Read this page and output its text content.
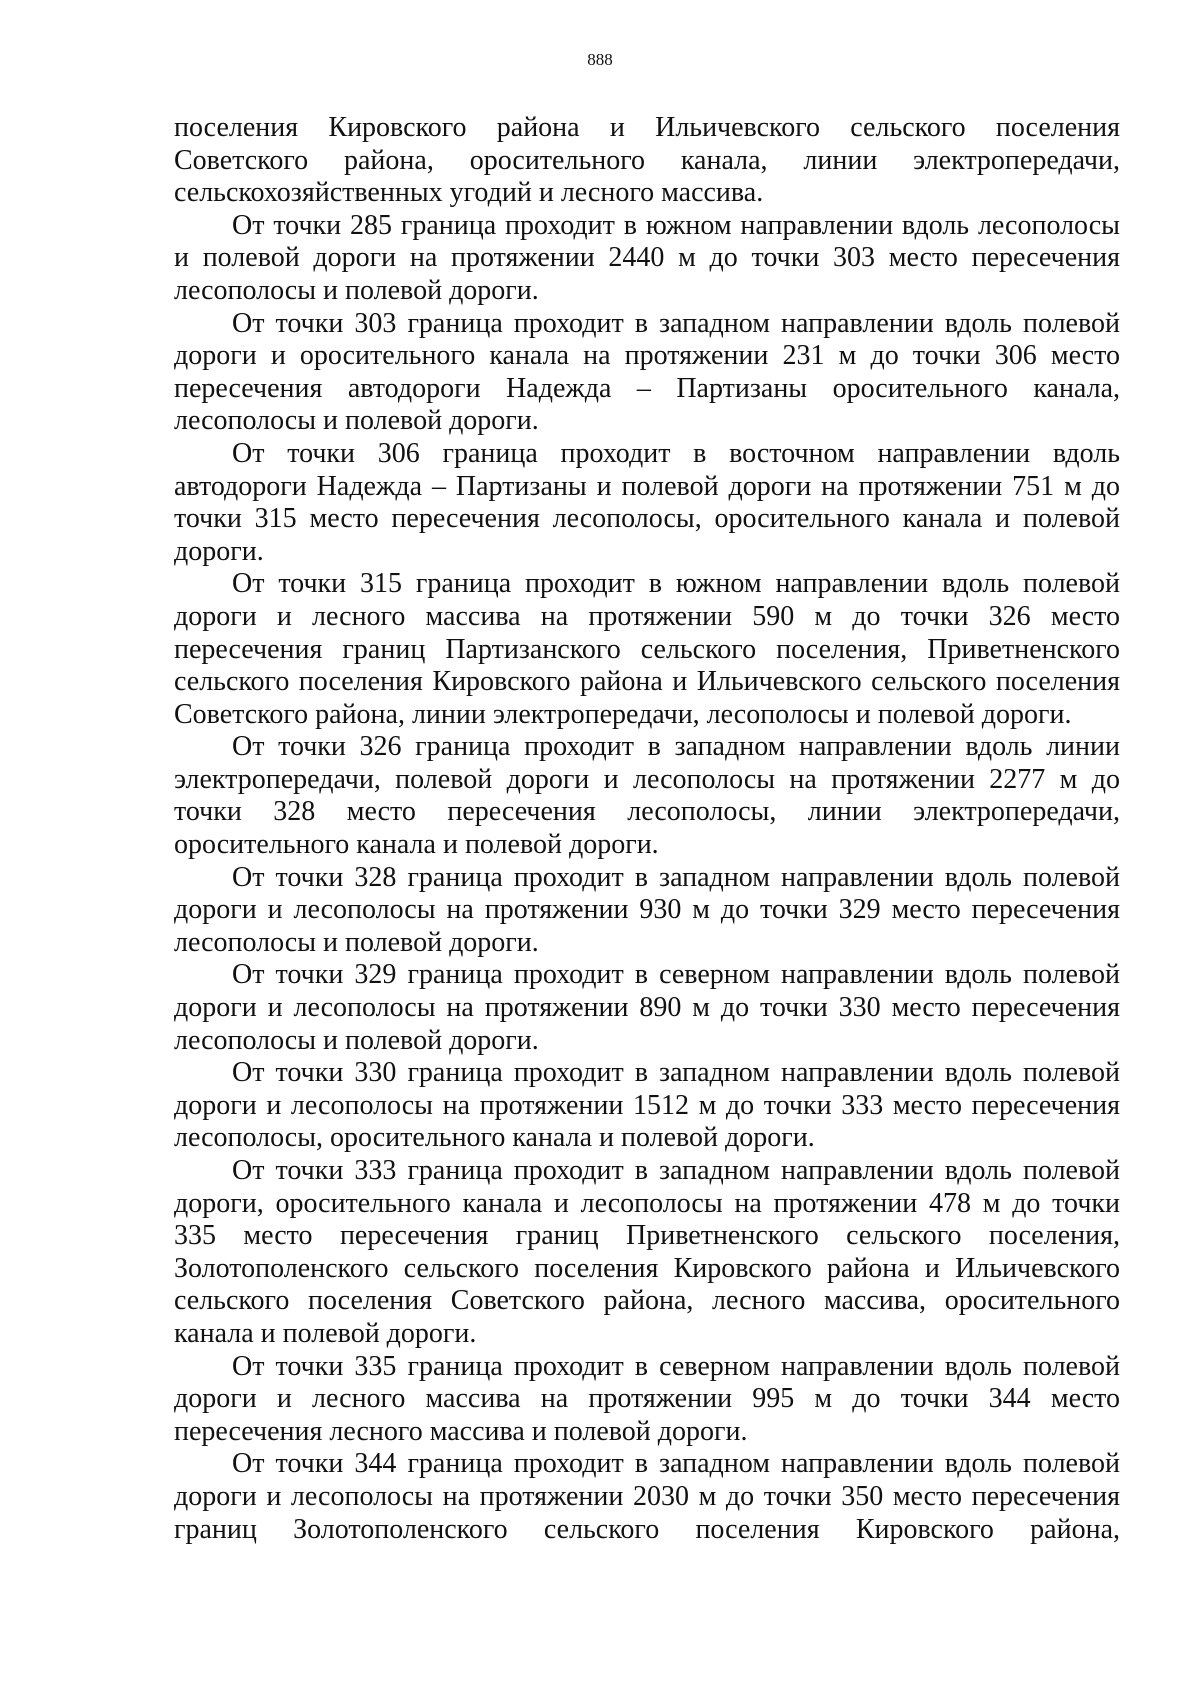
888

поселения Кировского района и Ильичевского сельского поселения Советского района, оросительного канала, линии электропередачи, сельскохозяйственных угодий и лесного массива.

От точки 285 граница проходит в южном направлении вдоль лесополосы и полевой дороги на протяжении 2440 м до точки 303 место пересечения лесополосы и полевой дороги.

От точки 303 граница проходит в западном направлении вдоль полевой дороги и оросительного канала на протяжении 231 м до точки 306 место пересечения автодороги Надежда – Партизаны оросительного канала, лесополосы и полевой дороги.

От точки 306 граница проходит в восточном направлении вдоль автодороги Надежда – Партизаны и полевой дороги на протяжении 751 м до точки 315 место пересечения лесополосы, оросительного канала и полевой дороги.

От точки 315 граница проходит в южном направлении вдоль полевой дороги и лесного массива на протяжении 590 м до точки 326 место пересечения границ Партизанского сельского поселения, Приветненского сельского поселения Кировского района и Ильичевского сельского поселения Советского района, линии электропередачи, лесополосы и полевой дороги.

От точки 326 граница проходит в западном направлении вдоль линии электропередачи, полевой дороги и лесополосы на протяжении 2277 м до точки 328 место пересечения лесополосы, линии электропередачи, оросительного канала и полевой дороги.

От точки 328 граница проходит в западном направлении вдоль полевой дороги и лесополосы на протяжении 930 м до точки 329 место пересечения лесополосы и полевой дороги.

От точки 329 граница проходит в северном направлении вдоль полевой дороги и лесополосы на протяжении 890 м до точки 330 место пересечения лесополосы и полевой дороги.

От точки 330 граница проходит в западном направлении вдоль полевой дороги и лесополосы на протяжении 1512 м до точки 333 место пересечения лесополосы, оросительного канала и полевой дороги.

От точки 333 граница проходит в западном направлении вдоль полевой дороги, оросительного канала и лесополосы на протяжении 478 м до точки 335 место пересечения границ Приветненского сельского поселения, Золотополенского сельского поселения Кировского района и Ильичевского сельского поселения Советского района, лесного массива, оросительного канала и полевой дороги.

От точки 335 граница проходит в северном направлении вдоль полевой дороги и лесного массива на протяжении 995 м до точки 344 место пересечения лесного массива и полевой дороги.

От точки 344 граница проходит в западном направлении вдоль полевой дороги и лесополосы на протяжении 2030 м до точки 350 место пересечения границ Золотополенского сельского поселения Кировского района,
